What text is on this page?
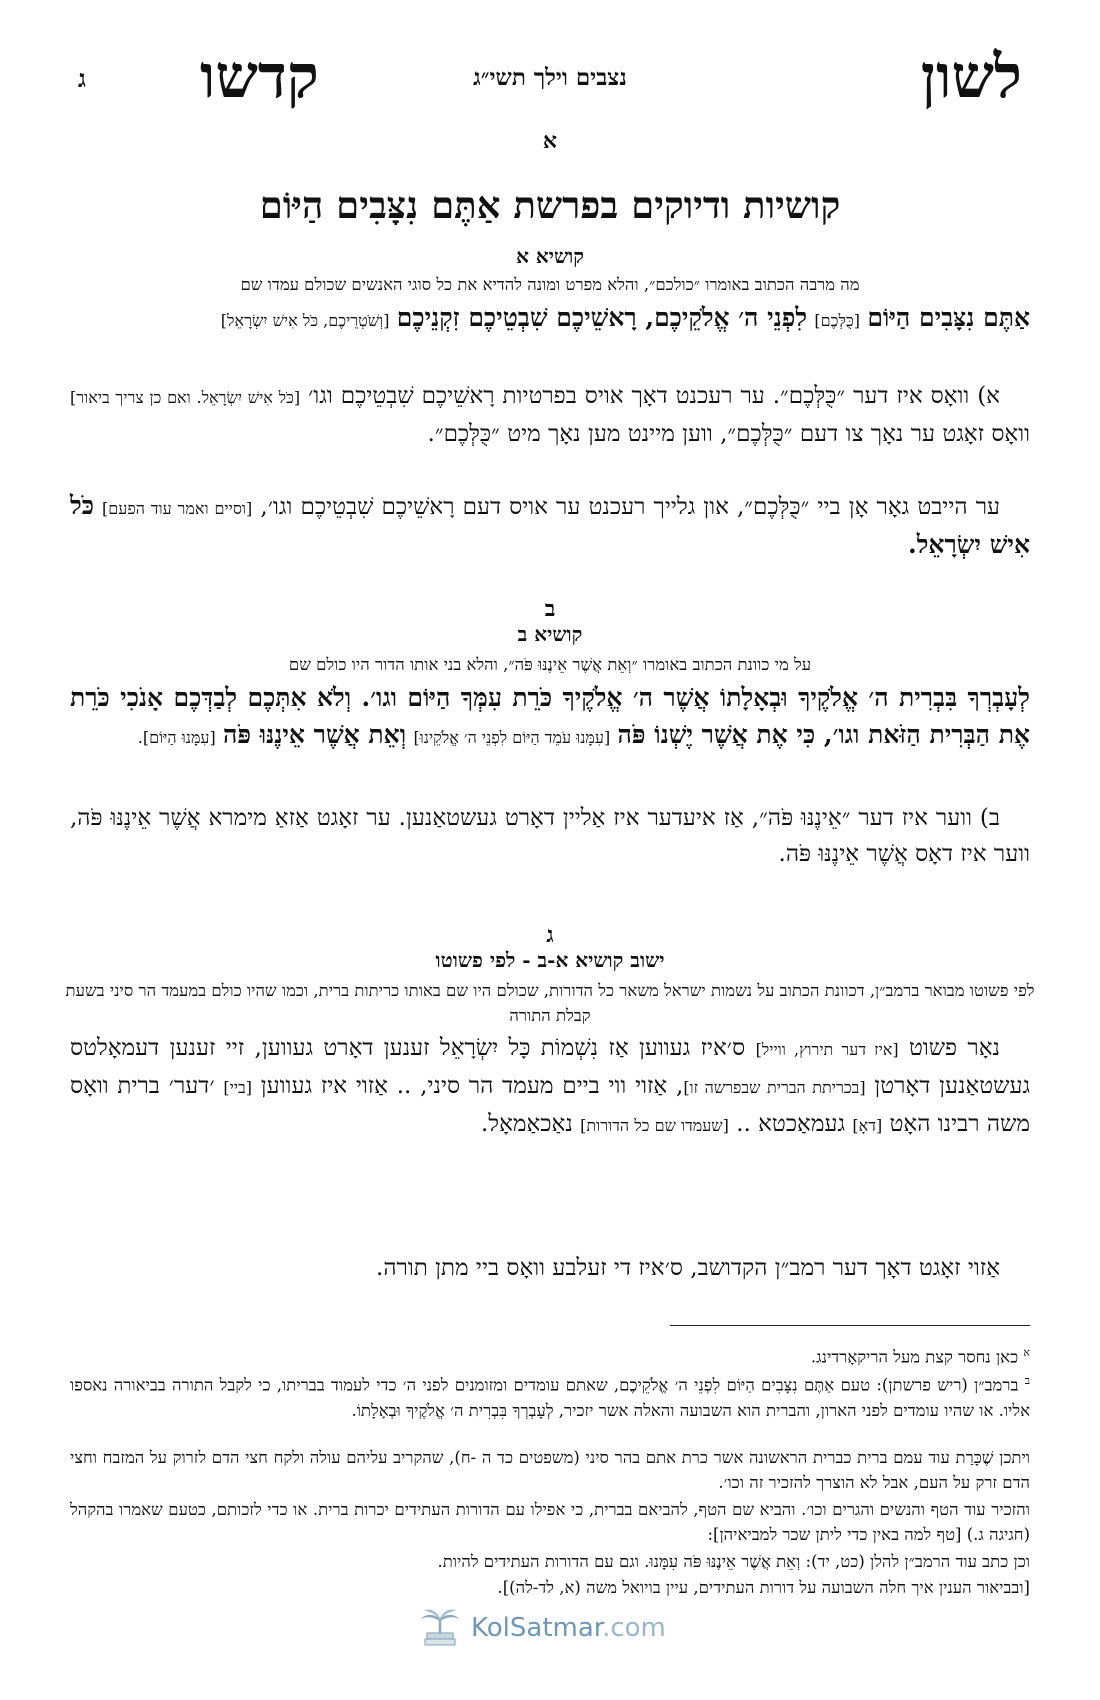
לשון
נצבים וילך תשי״ג
קדשו
ג
א
קושיות ודיוקים בפרשת אַתֶּם נִצָּבִים הַיּוֹם
קושיא א
מה מרבה הכתוב באומרו ״כולכם״, והלא מפרט ומונה להדיא את כל סוגי האנשים שכולם עמדו שם
אַתֶּם נִצָּבִים הַיּוֹם [כֻּלְּכֶם] לִפְנֵי ה׳ אֱלֹקֵיכֶם, רָאשֵׁיכֶם שִׁבְטֵיכֶם זִקְנֵיכֶם [וְשֹׁטְרֵיכֶם, כֹּל אִישׁ יִשְׂרָאֵל]
א) וואָס איז דער ״כֻּלְּכֶם״. ער רעכנט דאָך אויס בפרטיות רָאשֵׁיכֶם שִׁבְטֵיכֶם וגו׳ [כֹּל אִישׁ יִשְׂרָאֵל. ואם כן צריך ביאור] וואָס זאָגט ער נאָך צו דעם ״כֻּלְּכֶם״, ווען מיינט מען נאָך מיט ״כֻּלְּכֶם״.
ער הייבט גאָר אָן ביי ״כֻּלְּכֶם״, און גלייך רעכנט ער אויס דעם רָאשֵׁיכֶם שִׁבְטֵיכֶם וגו׳, [וסיים ואמר עוד הפעם] כֹּל אִישׁ יִשְׂרָאֵל.
ב
קושיא ב
על מי כוונת הכתוב באומרו ״וְאֵת אֲשֶׁר אֵינֶנּוּ פֹּה״, והלא בני אותו הדור היו כולם שם
לְעָבְרְךָ בִּבְרִית ה׳ אֱלֹקֶיךָ וּבְאָלָתוֹ אֲשֶׁר ה׳ אֱלֹקֶיךָ כֹּרֵת עִמְּךָ הַיּוֹם וגו׳. וְלֹא אִתְּכֶם לְבַדְּכֶם אָנֹכִי כֹּרֵת אֶת הַבְּרִית הַזֹּאת וגו׳, כִּי אֶת אֲשֶׁר יֶשְׁנוֹ פֹּה [עִמָּנוּ עֹמֵד הַיּוֹם לִפְנֵי ה׳ אֱלֹקֵינוּ] וְאֵת אֲשֶׁר אֵינֶנּוּ פֹּה [עִמָּנוּ הַיּוֹם].
ב) ווער איז דער ״אֵינֶנּוּ פֹּה״, אַז איעדער איז אַליין דאָרט געשטאַנען. ער זאָגט אַזאַ מימרא אֲשֶׁר אֵינֶנּוּ פֹּה, ווער איז דאָס אֲשֶׁר אֵינֶנּוּ פֹּה.
ג
ישוב קושיא א-ב - לפי פשוטו
לפי פשוטו מבואר ברמב״ן, דכוונת הכתוב על נשמות ישראל משאר כל הדורות, שכולם היו שם באותו כריתות ברית, וכמו שהיו כולם במעמד הר סיני בשעת קבלת התורה
נאָר פשוט [איז דער תירוץ, ווייל] ס׳איז געווען אַז נִשְׁמוֹת כָּל יִשְׂרָאֵל זענען דאָרט געווען, זיי זענען דעמאָלטס געשטאַנען דאָרטן [בכריתת הברית שבפרשה זו], אַזוי ווי ביים מעמד הר סיני, .. אַזוי איז געווען [ביי] ׳דער׳ ברית וואָס משה רבינו האָט [דאָ] געמאַכטא .. [שעמדו שם כל הדורות] נאַכאַמאָל.
אַזוי זאָגט דאָך דער רמב״ן הקדושב, ס׳איז די זעלבע וואָס ביי מתן תורה.
$^א$ כאן נחסר קצת מעל הריקאָרדינג.
$^ב$ ברמב״ן (ריש פרשתן): טעם אַתֶּם נִצָּבִים הַיּוֹם לִפְנֵי ה׳ אֱלֹקֵיכֶם, שאתם עומדים ומזומנים לפני ה׳ כדי לעמוד בבריתו, כי לקבל התורה בביאורה נאספו אליו. או שהיו עומדים לפני הארון, והברית הוא השבועה והאלה אשר יזכיר, לְעָבְרְךָ בִּבְרִית ה׳ אֱלֹקֶיךָ וּבְאָלָתוֹ.
ויתכן שֶׁכָּרַת עוד עמם ברית כברית הראשונה אשר כרת אתם בהר סיני (משפטים כד ה -ח), שהקריב עליהם עולה ולקח חצי הדם לזרוק על המזבח וחצי הדם זרק על העם, אבל לא הוצרך להזכיר זה וכו׳.
והזכיר עוד הטף והנשים והגרים וכו׳. והביא שם הטף, להביאם בברית, כי אפילו עם הדורות העתידים יכרות ברית. או כדי לזכותם, כטעם שאמרו בהקהל (חגיגה ג.) [טף למה באין כדי ליתן שכר למביאיהן]:
וכן כתב עוד הרמב״ן להלן (כט, יד): וְאֵת אֲשֶׁר אֵינֶנּוּ פֹּה עִמָּנוּ. וגם עם הדורות העתידים להיות.
[ובביאור הענין איך חלה השבועה על דורות העתידים, עיין בויואל משה (א, לד-לה)].
KolSatmar.com
